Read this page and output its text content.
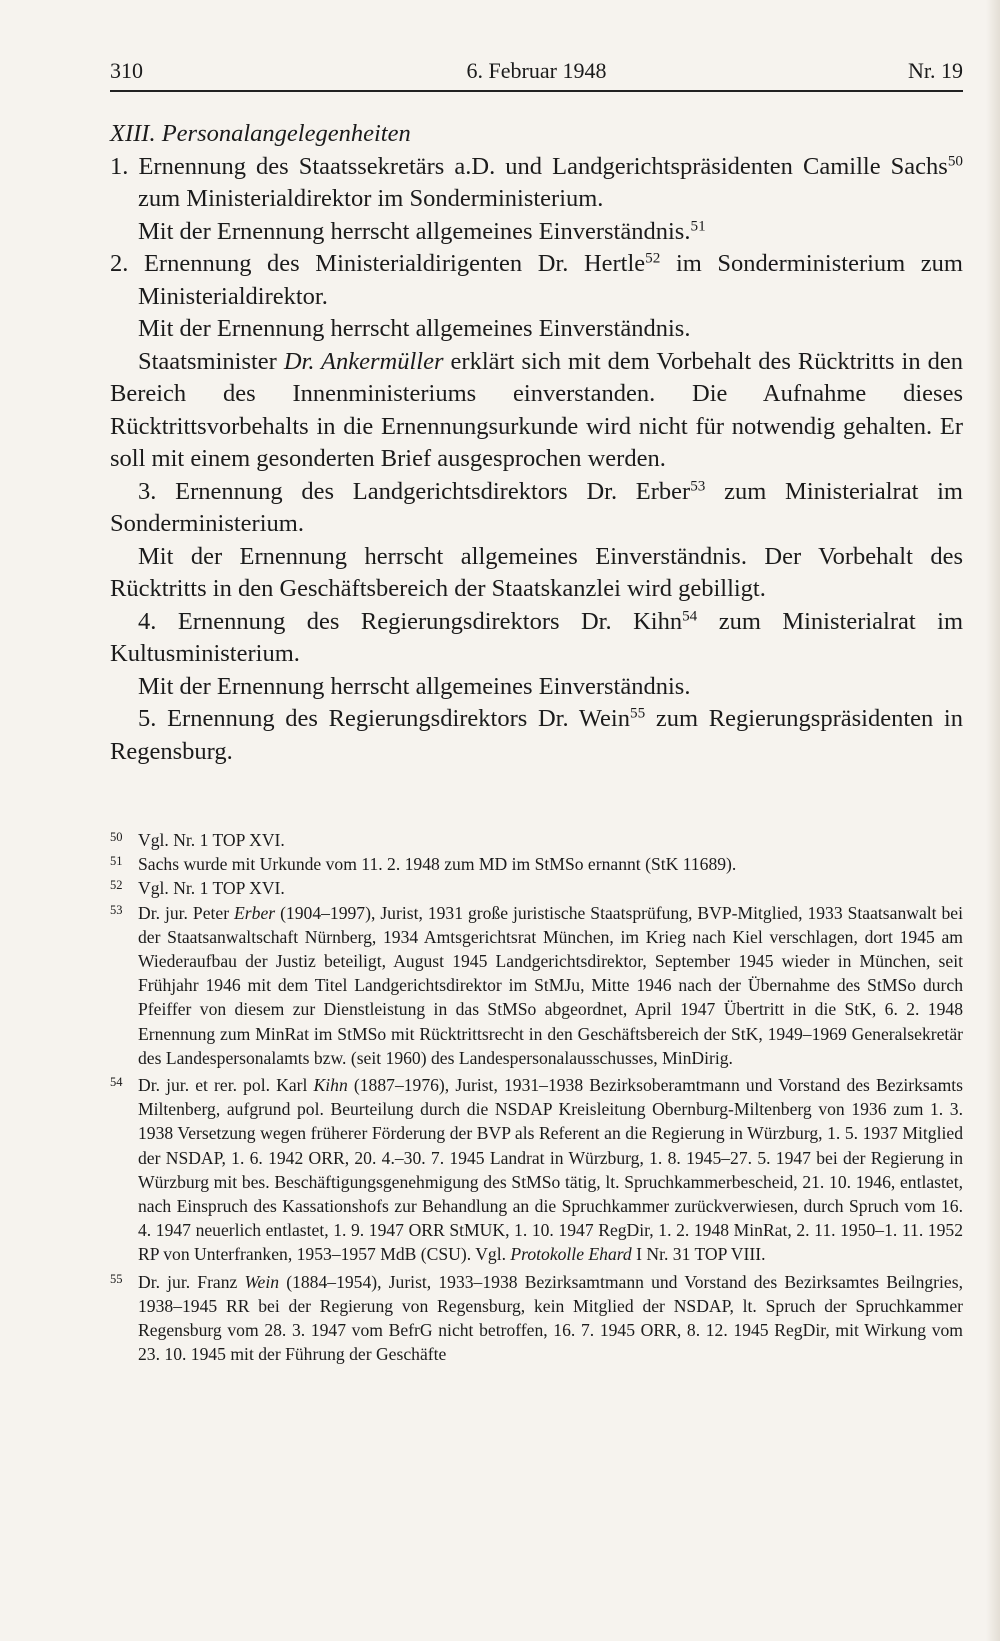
310	6. Februar 1948	Nr. 19

XIII. Personalangelegenheiten

1. Ernennung des Staatssekretärs a.D. und Landgerichtspräsidenten Camille Sachs$^{50}$ zum Ministerialdirektor im Sonderministerium.

Mit der Ernennung herrscht allgemeines Einverständnis.$^{51}$

2. Ernennung des Ministerialdirigenten Dr. Hertle$^{52}$ im Sonderministerium zum Ministerialdirektor.

Mit der Ernennung herrscht allgemeines Einverständnis.

Staatsminister Dr. Ankermüller erklärt sich mit dem Vorbehalt des Rücktritts in den Bereich des Innenministeriums einverstanden. Die Aufnahme dieses Rücktrittsvorbehalts in die Ernennungsurkunde wird nicht für notwendig gehalten. Er soll mit einem gesonderten Brief ausgesprochen werden.

3. Ernennung des Landgerichtsdirektors Dr. Erber$^{53}$ zum Ministerialrat im Sonderministerium.

Mit der Ernennung herrscht allgemeines Einverständnis. Der Vorbehalt des Rücktritts in den Geschäftsbereich der Staatskanzlei wird gebilligt.

4. Ernennung des Regierungsdirektors Dr. Kihn$^{54}$ zum Ministerialrat im Kultusministerium.

Mit der Ernennung herrscht allgemeines Einverständnis.

5. Ernennung des Regierungsdirektors Dr. Wein$^{55}$ zum Regierungspräsidenten in Regensburg.

50 Vgl. Nr. 1 TOP XVI.

51 Sachs wurde mit Urkunde vom 11. 2. 1948 zum MD im StMSo ernannt (StK 11689).

52 Vgl. Nr. 1 TOP XVI.

53 Dr. jur. Peter Erber (1904–1997), Jurist, 1931 große juristische Staatsprüfung, BVP-Mitglied, 1933 Staatsanwalt bei der Staatsanwaltschaft Nürnberg, 1934 Amtsgerichtsrat München, im Krieg nach Kiel verschlagen, dort 1945 am Wiederaufbau der Justiz beteiligt, August 1945 Landgerichtsdirektor, September 1945 wieder in München, seit Frühjahr 1946 mit dem Titel Landgerichtsdirektor im StMJu, Mitte 1946 nach der Übernahme des StMSo durch Pfeiffer von diesem zur Dienstleistung in das StMSo abgeordnet, April 1947 Übertritt in die StK, 6. 2. 1948 Ernennung zum MinRat im StMSo mit Rücktrittsrecht in den Geschäftsbereich der StK, 1949–1969 Generalsekretär des Landespersonalamts bzw. (seit 1960) des Landespersonalausschusses, MinDirig.

54 Dr. jur. et rer. pol. Karl Kihn (1887–1976), Jurist, 1931–1938 Bezirksoberamtmann und Vorstand des Bezirksamts Miltenberg, aufgrund pol. Beurteilung durch die NSDAP Kreisleitung Obernburg-Miltenberg von 1936 zum 1. 3. 1938 Versetzung wegen früherer Förderung der BVP als Referent an die Regierung in Würzburg, 1. 5. 1937 Mitglied der NSDAP, 1. 6. 1942 ORR, 20. 4.–30. 7. 1945 Landrat in Würzburg, 1. 8. 1945–27. 5. 1947 bei der Regierung in Würzburg mit bes. Beschäftigungsgenehmigung des StMSo tätig, lt. Spruchkammerbescheid, 21. 10. 1946, entlastet, nach Einspruch des Kassationshofs zur Behandlung an die Spruchkammer zurückverwiesen, durch Spruch vom 16. 4. 1947 neuerlich entlastet, 1. 9. 1947 ORR StMUK, 1. 10. 1947 RegDir, 1. 2. 1948 MinRat, 2. 11. 1950–1. 11. 1952 RP von Unterfranken, 1953–1957 MdB (CSU). Vgl. Protokolle Ehard I Nr. 31 TOP VIII.

55 Dr. jur. Franz Wein (1884–1954), Jurist, 1933–1938 Bezirksamtmann und Vorstand des Bezirksamtes Beilngries, 1938–1945 RR bei der Regierung von Regensburg, kein Mitglied der NSDAP, lt. Spruch der Spruchkammer Regensburg vom 28. 3. 1947 vom BefrG nicht betroffen, 16. 7. 1945 ORR, 8. 12. 1945 RegDir, mit Wirkung vom 23. 10. 1945 mit der Führung der Geschäfte
